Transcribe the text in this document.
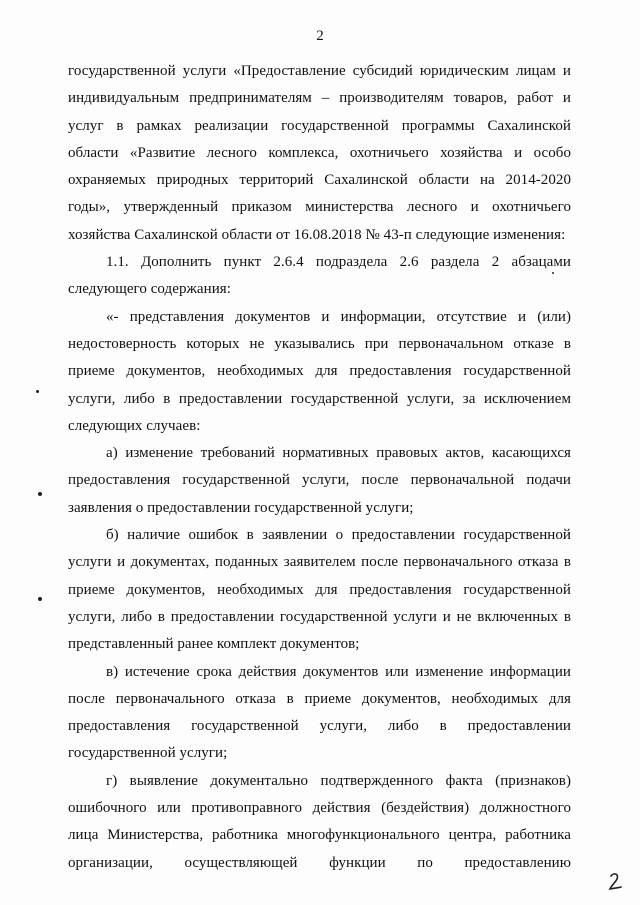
2
государственной услуги «Предоставление субсидий юридическим лицам и
индивидуальным предпринимателям – производителям товаров, работ и
услуг в рамках реализации государственной программы Сахалинской
области «Развитие лесного комплекса, охотничьего хозяйства и особо
охраняемых природных территорий Сахалинской области на 2014-2020
годы», утвержденный приказом министерства лесного и охотничьего
хозяйства Сахалинской области от 16.08.2018 № 43-п следующие изменения:
1.1. Дополнить пункт 2.6.4 подраздела 2.6 раздела 2 абзацами
следующего содержания:
«- представления документов и информации, отсутствие и (или)
недостоверность которых не указывались при первоначальном отказе в
приеме документов, необходимых для предоставления государственной
услуги, либо в предоставлении государственной услуги, за исключением
следующих случаев:
а) изменение требований нормативных правовых актов, касающихся
предоставления государственной услуги, после первоначальной подачи
заявления о предоставлении государственной услуги;
б) наличие ошибок в заявлении о предоставлении государственной
услуги и документах, поданных заявителем после первоначального отказа в
приеме документов, необходимых для предоставления государственной
услуги, либо в предоставлении государственной услуги и не включенных в
представленный ранее комплект документов;
в) истечение срока действия документов или изменение информации
после первоначального отказа в приеме документов, необходимых для
предоставления государственной услуги, либо в предоставлении
государственной услуги;
г) выявление документально подтвержденного факта (признаков)
ошибочного или противоправного действия (бездействия) должностного
лица Министерства, работника многофункционального центра, работника
организации, осуществляющей функции по предоставлению
